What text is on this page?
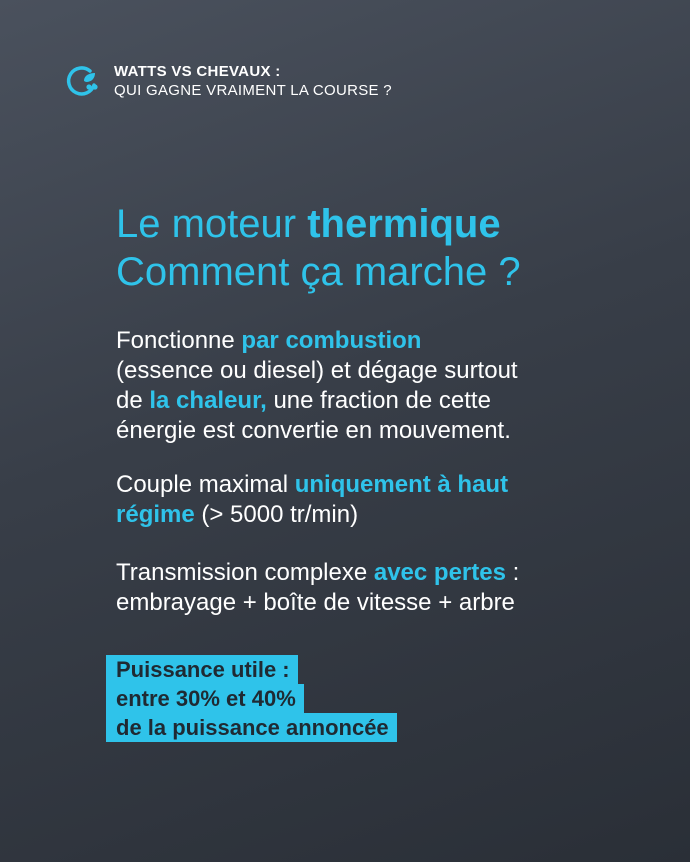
WATTS VS CHEVAUX :
QUI GAGNE VRAIMENT LA COURSE ?
Le moteur thermique
Comment ça marche ?
Fonctionne par combustion
(essence ou diesel) et dégage surtout
de la chaleur, une fraction de cette
énergie est convertie en mouvement.
Couple maximal uniquement à haut
régime (> 5000 tr/min)
Transmission complexe avec pertes :
embrayage + boîte de vitesse + arbre
Puissance utile :
entre 30% et 40%
de la puissance annoncée
